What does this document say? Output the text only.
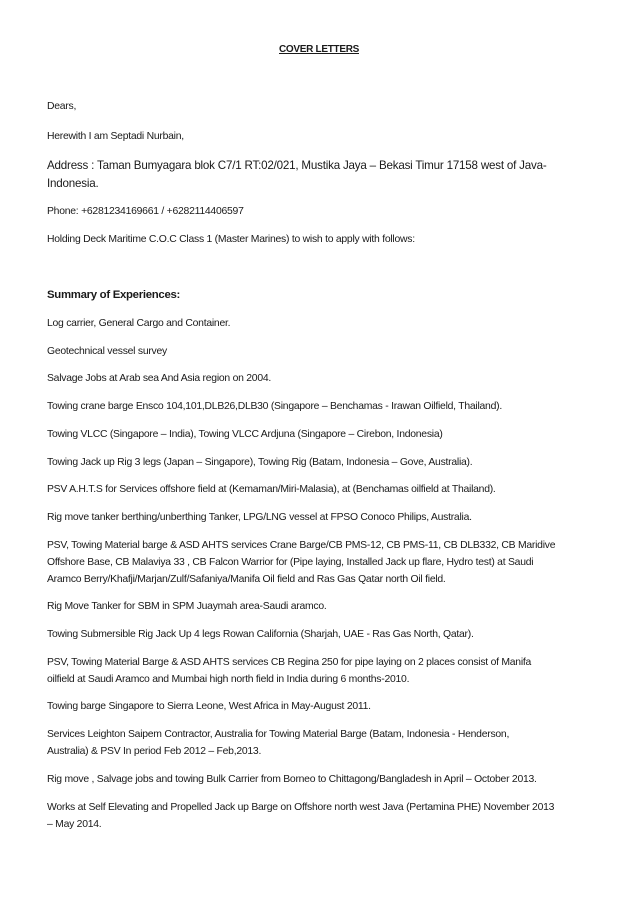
COVER LETTERS
Dears,
Herewith I am Septadi Nurbain,
Address : Taman Bumyagara blok C7/1 RT:02/021, Mustika Jaya – Bekasi Timur 17158 west of Java-
Indonesia.
Phone: +6281234169661 / +6282114406597
Holding Deck Maritime C.O.C Class 1 (Master Marines) to wish to apply with follows:
Summary of Experiences:
Log carrier, General Cargo and Container.
Geotechnical vessel survey
Salvage Jobs at Arab sea And Asia region on 2004.
Towing crane barge Ensco 104,101,DLB26,DLB30 (Singapore – Benchamas - Irawan Oilfield, Thailand).
Towing VLCC (Singapore – India), Towing VLCC Ardjuna (Singapore – Cirebon, Indonesia)
Towing Jack up Rig 3 legs (Japan – Singapore), Towing Rig (Batam, Indonesia – Gove, Australia).
PSV A.H.T.S for Services offshore field at (Kemaman/Miri-Malasia), at (Benchamas oilfield at Thailand).
Rig move tanker berthing/unberthing Tanker, LPG/LNG vessel at FPSO Conoco Philips, Australia.
PSV, Towing Material barge & ASD AHTS services Crane Barge/CB PMS-12, CB PMS-11, CB DLB332, CB Maridive
Offshore Base, CB Malaviya 33 , CB Falcon Warrior for (Pipe laying, Installed Jack up flare, Hydro test) at Saudi
Aramco Berry/Khafji/Marjan/Zulf/Safaniya/Manifa Oil field and Ras Gas Qatar north Oil field.
Rig Move Tanker for SBM in SPM Juaymah area-Saudi aramco.
Towing Submersible Rig Jack Up 4 legs Rowan California (Sharjah, UAE - Ras Gas North, Qatar).
PSV, Towing Material Barge & ASD AHTS services CB Regina 250 for pipe laying on 2 places consist of Manifa
oilfield at Saudi Aramco and Mumbai high north field in India during 6 months-2010.
Towing barge Singapore to Sierra Leone, West Africa in May-August 2011.
Services Leighton Saipem Contractor, Australia for Towing Material Barge (Batam, Indonesia - Henderson,
Australia) & PSV In period Feb 2012 – Feb,2013.
Rig move , Salvage jobs and towing Bulk Carrier from Borneo to Chittagong/Bangladesh in April – October 2013.
Works at Self Elevating and Propelled Jack up Barge on Offshore north west Java (Pertamina PHE) November 2013
– May 2014.
